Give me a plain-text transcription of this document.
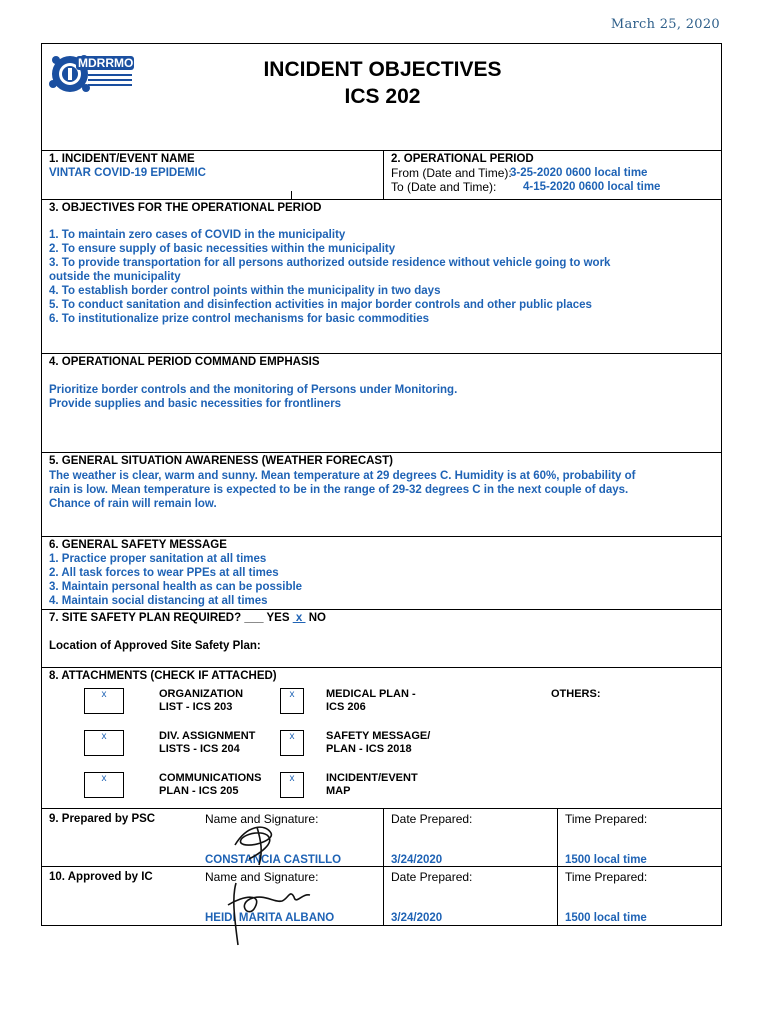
March 25, 2020
MDRRMO	INCIDENT OBJECTIVES
ICS 202
1. INCIDENT/EVENT NAME
VINTAR COVID-19 EPIDEMIC
2. OPERATIONAL PERIOD
From (Date and Time):
3-25-2020 0600 local time
To (Date and Time): 4-15-2020 0600 local time
3. OBJECTIVES FOR THE OPERATIONAL PERIOD
1. To maintain zero cases of COVID in the municipality
2. To ensure supply of basic necessities within the municipality
3. To provide transportation for all persons authorized outside residence without vehicle going to work
outside the municipality
4. To establish border control points within the municipality in two days
5. To conduct sanitation and disinfection activities in major border controls and other public places
6. To institutionalize prize control mechanisms for basic commodities
4. OPERATIONAL PERIOD COMMAND EMPHASIS
Prioritize border controls and the monitoring of Persons under Monitoring.
Provide supplies and basic necessities for frontliners
5. GENERAL SITUATION AWARENESS (WEATHER FORECAST)
The weather is clear, warm and sunny. Mean temperature at 29 degrees C. Humidity is at 60%, probability of
rain is low. Mean temperature is expected to be in the range of 29-32 degrees C in the next couple of days.
Chance of rain will remain low.
6. GENERAL SAFETY MESSAGE
1. Practice proper sanitation at all times
2. All task forces to wear PPEs at all times
3. Maintain personal health as can be possible
4. Maintain social distancing at all times
7. SITE SAFETY PLAN REQUIRED? ___ YES  x  NO
Location of Approved Site Safety Plan:
8. ATTACHMENTS (CHECK IF ATTACHED)
x	ORGANIZATION
LIST - ICS 203
x	MEDICAL PLAN -
ICS 206
OTHERS:
x	DIV. ASSIGNMENT
LISTS - ICS 204
x	SAFETY MESSAGE/
PLAN - ICS 2018
x	COMMUNICATIONS
PLAN - ICS 205
x	INCIDENT/EVENT
MAP
9. Prepared by PSC	Name and Signature:
CONSTANCIA CASTILLO
Date Prepared:
3/24/2020
Time Prepared:
1500 local time
10. Approved by IC	Name and Signature:
HEIDI MARITA ALBANO
Date Prepared:
3/24/2020
Time Prepared:
1500 local time
